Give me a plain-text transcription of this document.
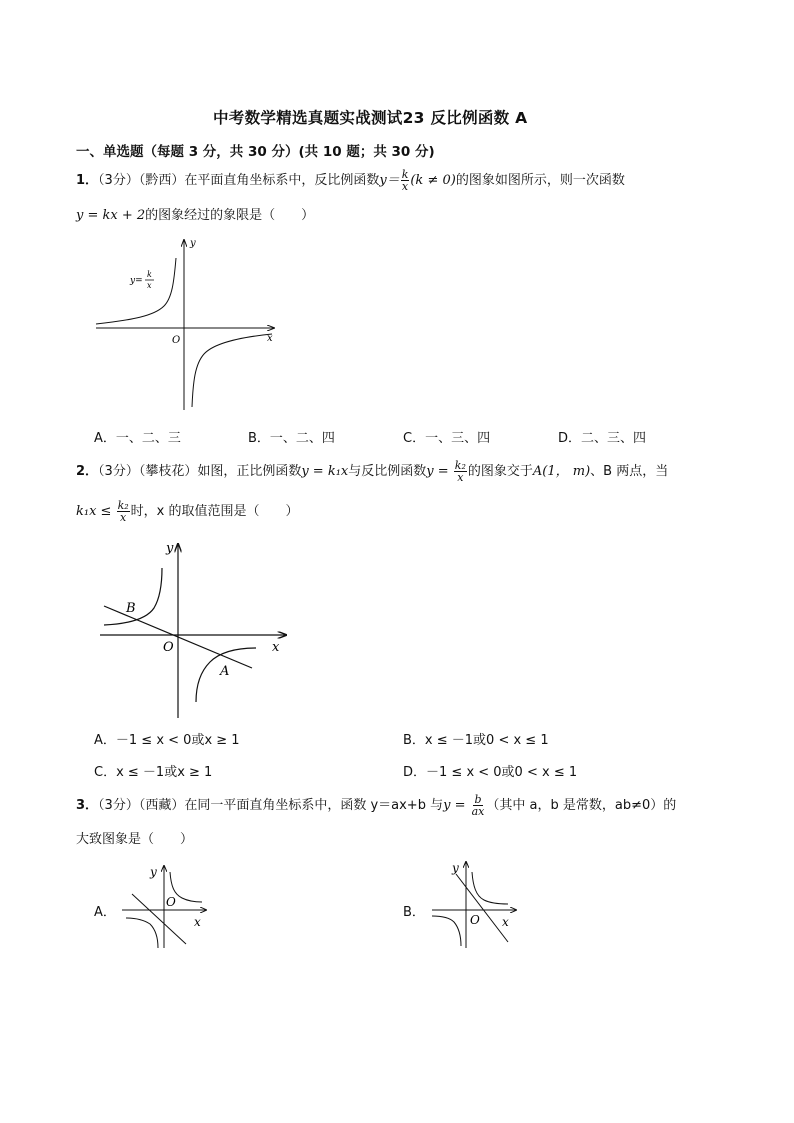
中考数学精选真题实战测试23 反比例函数 A
一、单选题（每题 3 分，共 30 分）(共 10 题；共 30 分)
1．（3分）（黔西）在平面直角坐标系中，反比例函数$y= \frac{k}{x} (k \ne 0)$的图象如图所示，则一次函数
y = kx + 2的图象经过的象限是（　　）
y
x
O
y=
k
x
A．一、二、三	B．一、二、四	C．一、三、四	D．二、三、四
2．（3分）（攀枝花）如图，正比例函数y = k₁x与反比例函数$y = \frac{\text{k₂}}{x}$ 的图象交于A(1， m)、B 两点，当
$k_1x \le \frac{\text{k₂}}{x}$ 时，x 的取值范围是（　　）
y
x
O
B
A
A．－1 ≤ x < 0或x ≥ 1	B．x ≤ －1或0 < x ≤ 1
C．x ≤ －1或x ≥ 1	D．－1 ≤ x < 0或0 < x ≤ 1
3．（3分）（西藏）在同一平面直角坐标系中，函数 y＝ax+b 与$y = \frac{b}{ax}$ （其中 a，b 是常数，ab≠0）的
大致图象是（　　）
A．
y
x
O
B．
y
x
O
